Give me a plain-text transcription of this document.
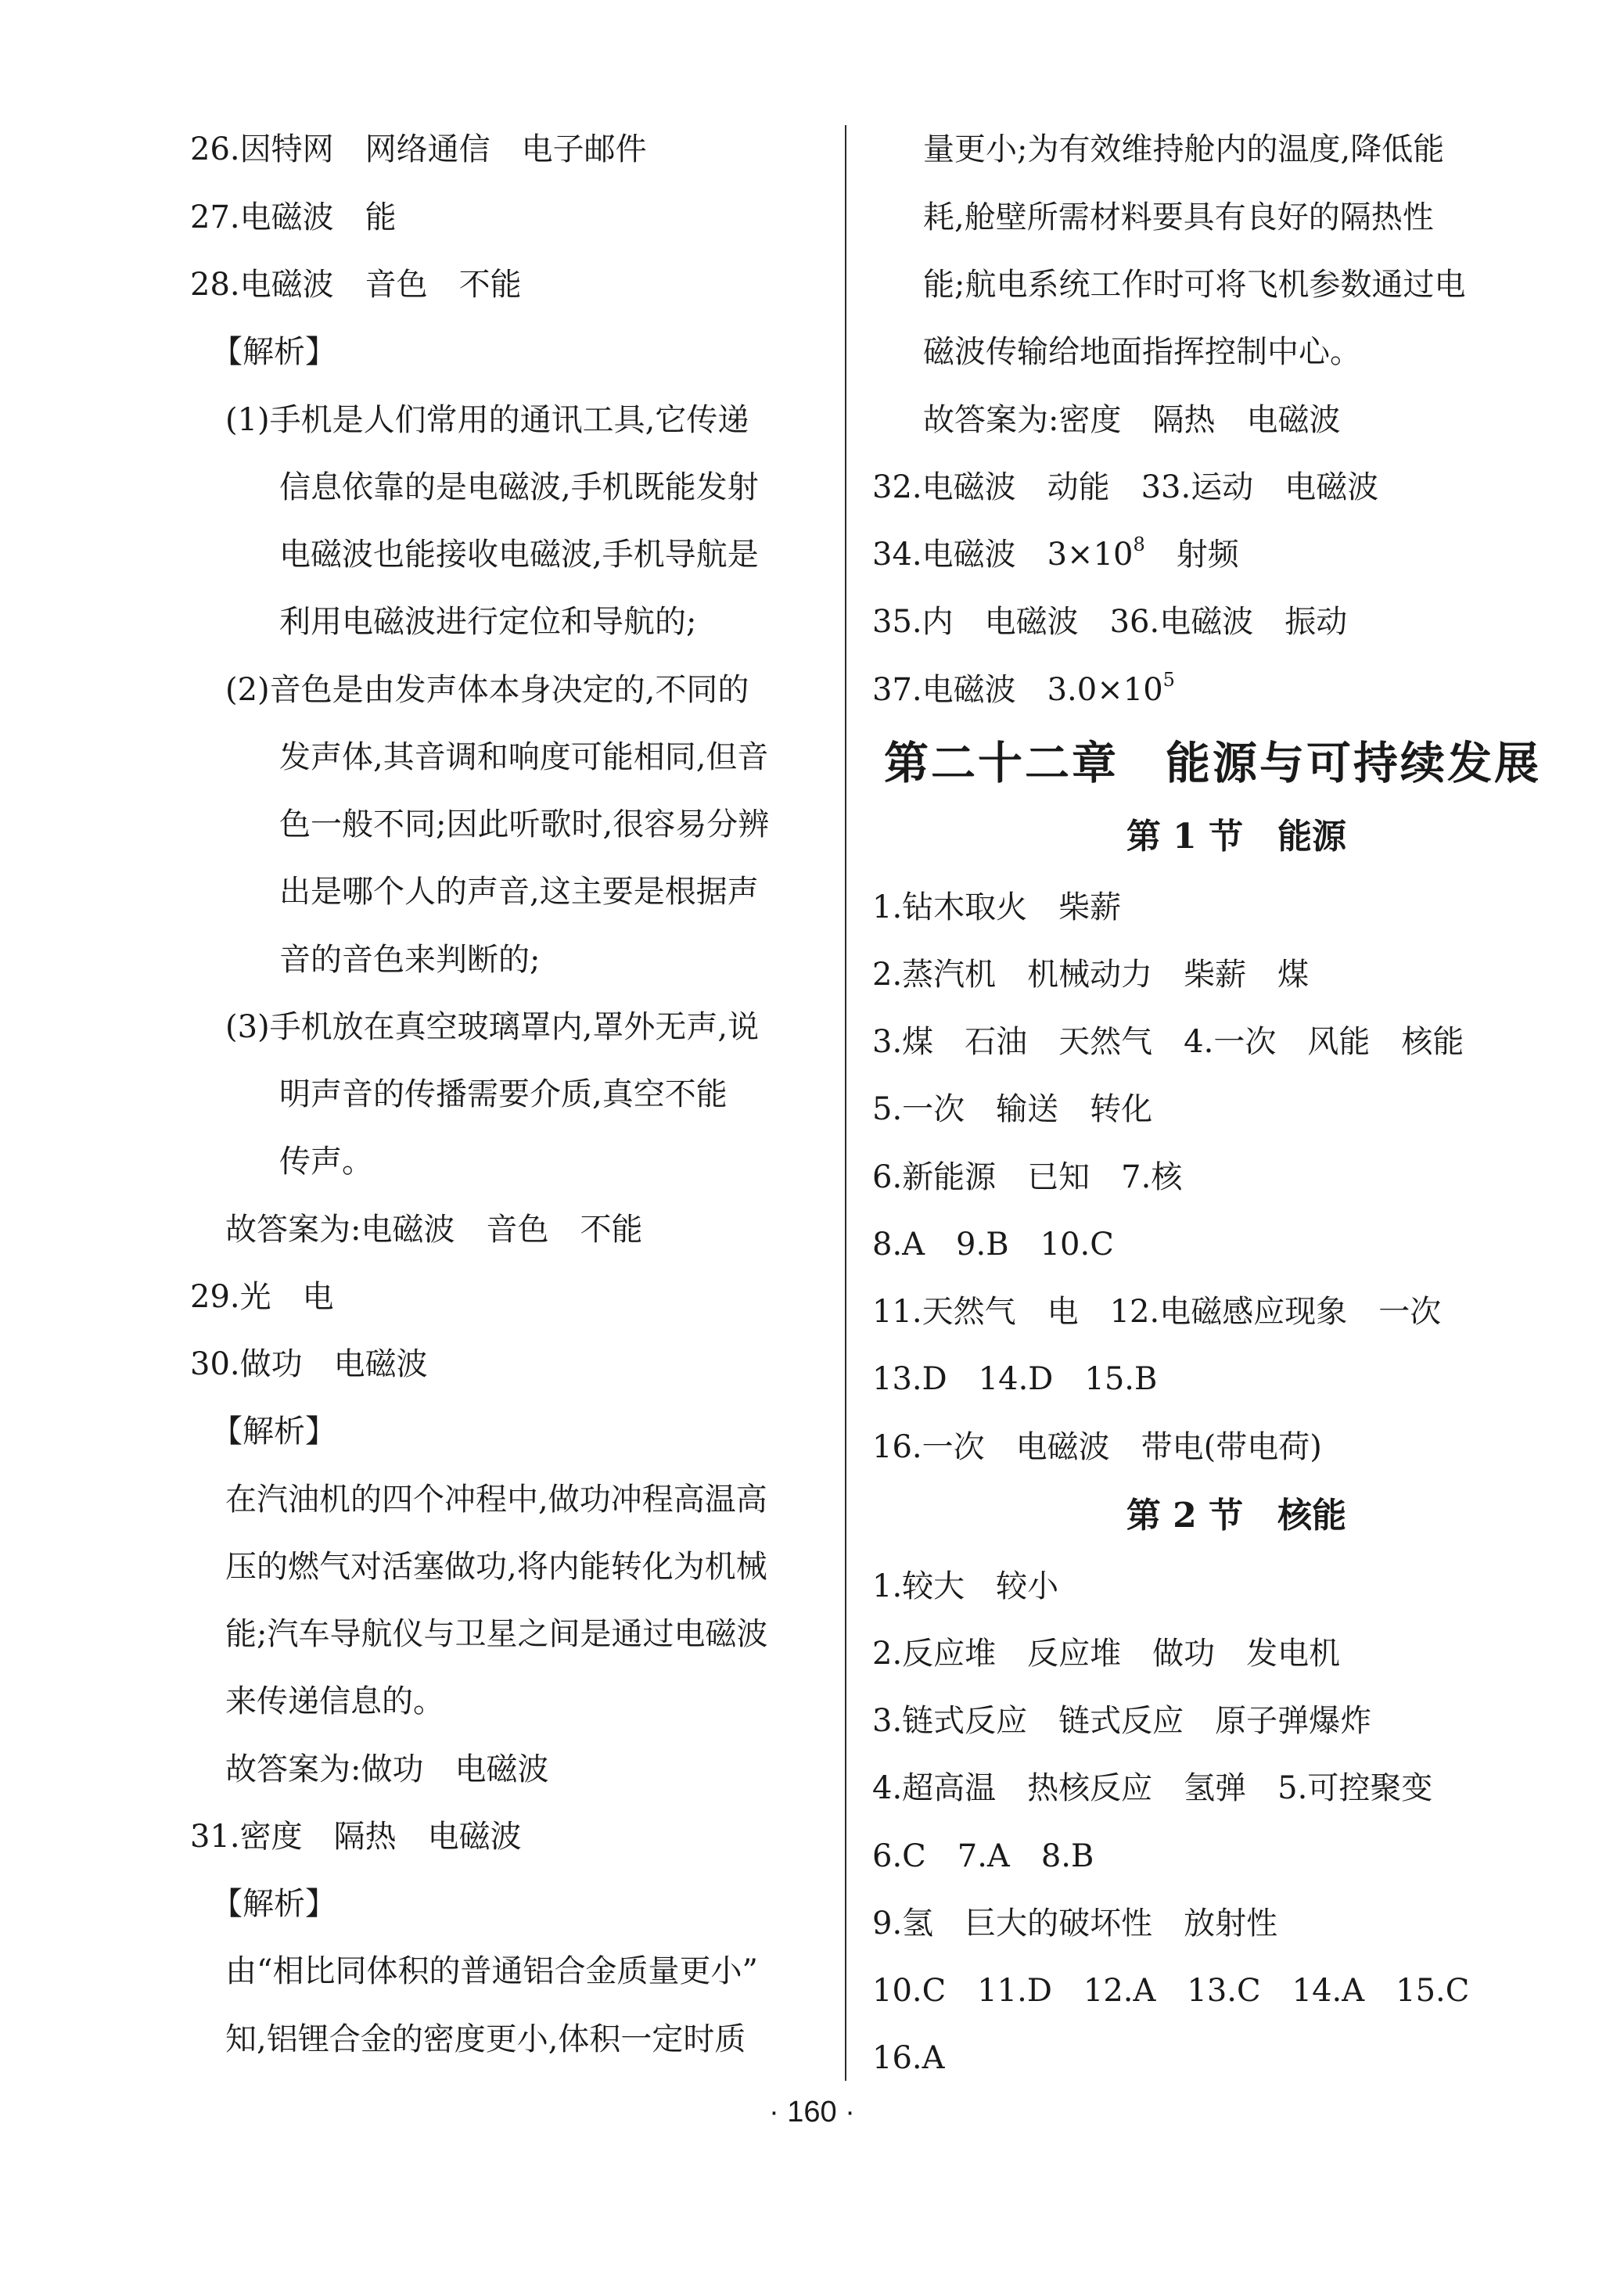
26.因特网　网络通信　电子邮件
27.电磁波　能
28.电磁波　音色　不能
【解析】
(1)手机是人们常用的通讯工具,它传递
信息依靠的是电磁波,手机既能发射
电磁波也能接收电磁波,手机导航是
利用电磁波进行定位和导航的;
(2)音色是由发声体本身决定的,不同的
发声体,其音调和响度可能相同,但音
色一般不同;因此听歌时,很容易分辨
出是哪个人的声音,这主要是根据声
音的音色来判断的;
(3)手机放在真空玻璃罩内,罩外无声,说
明声音的传播需要介质,真空不能
传声。
故答案为:电磁波　音色　不能
29.光　电
30.做功　电磁波
【解析】
在汽油机的四个冲程中,做功冲程高温高
压的燃气对活塞做功,将内能转化为机械
能;汽车导航仪与卫星之间是通过电磁波
来传递信息的。
故答案为:做功　电磁波
31.密度　隔热　电磁波
【解析】
由“相比同体积的普通铝合金质量更小”
知,铝锂合金的密度更小,体积一定时质
量更小;为有效维持舱内的温度,降低能
耗,舱壁所需材料要具有良好的隔热性
能;航电系统工作时可将飞机参数通过电
磁波传输给地面指挥控制中心。
故答案为:密度　隔热　电磁波
32.电磁波　动能　33.运动　电磁波
34.电磁波　$3\times 10^8$　射频
35.内　电磁波　36.电磁波　振动
37.电磁波　$3.0\times 10^5$
第二十二章　能源与可持续发展
第 1 节 能源
1.钻木取火　柴薪
2.蒸汽机　机械动力　柴薪　煤
3.煤　石油　天然气　4.一次　风能　核能
5.一次　输送　转化
6.新能源　已知　7.核
8.A　9.B　10.C
11.天然气　电　12.电磁感应现象　一次
13.D　14.D　15.B
16.一次　电磁波　带电(带电荷)
第 2 节 核能
1.较大　较小
2.反应堆　反应堆　做功　发电机
3.链式反应　链式反应　原子弹爆炸
4.超高温　热核反应　氢弹　5.可控聚变
6.C　7.A　8.B
9.氢　巨大的破坏性　放射性
10.C　11.D　12.A　13.C　14.A　15.C
16.A
· 160 ·
